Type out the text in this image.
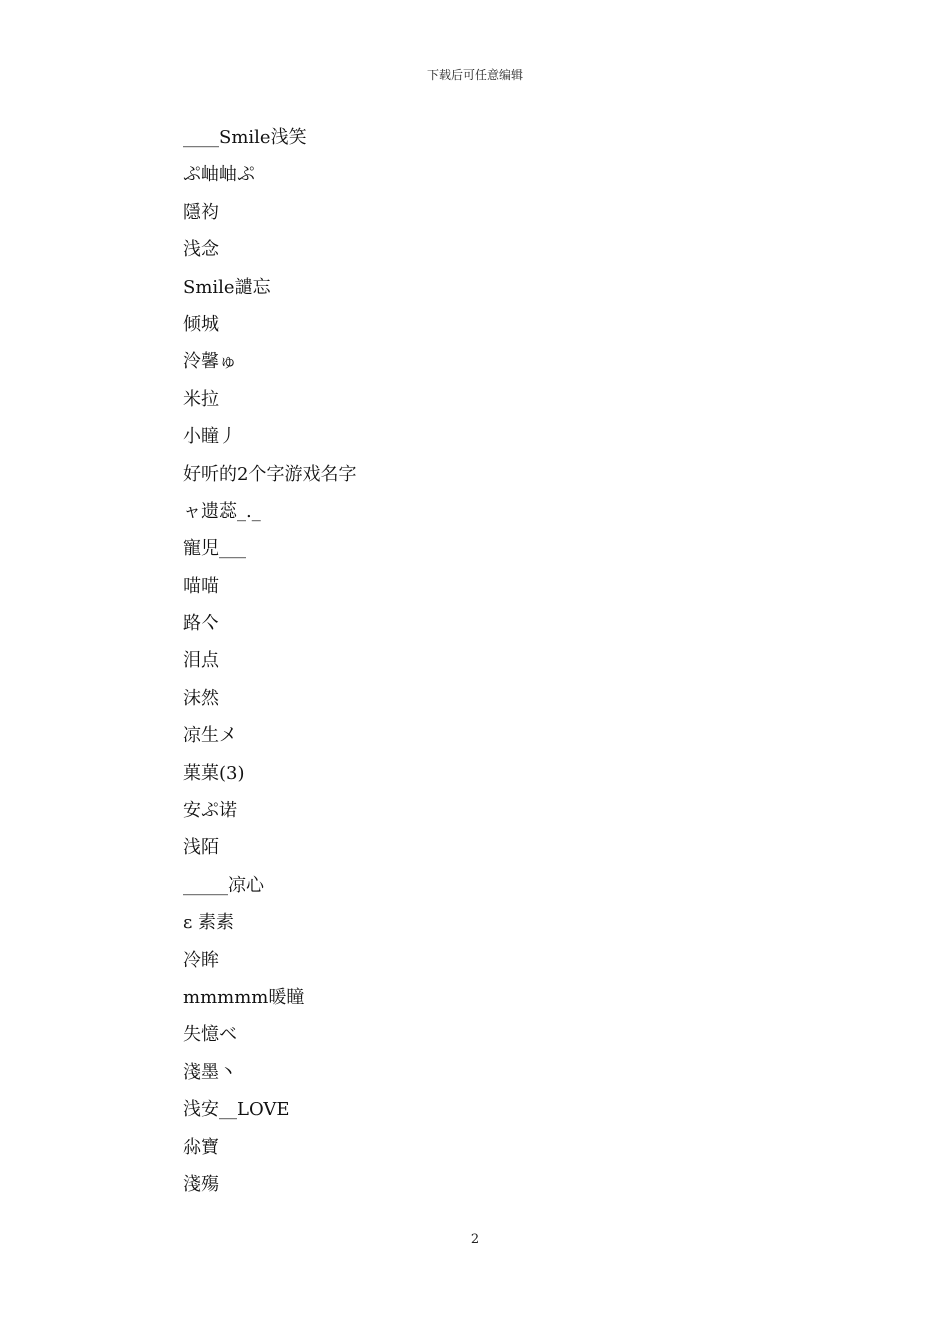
下载后可任意编辑
____Smile浅笑
ぷ岫岫ぷ
隱袀
浅念
Smile譴忘
倾城
泠馨ゅ
米拉
小瞳丿
好听的2个字游戏名字
ャ遗蕊_._
寵児___
喵喵
路亽
泪点
沫然
凉生メ
菓菓(3)
安ぷ诺
浅陌
_____凉心
ε 素素
冷眸
mmmmm暖瞳
失憶ベ
淺墨丶
浅安__LOVE
尛寶
淺殤
2
